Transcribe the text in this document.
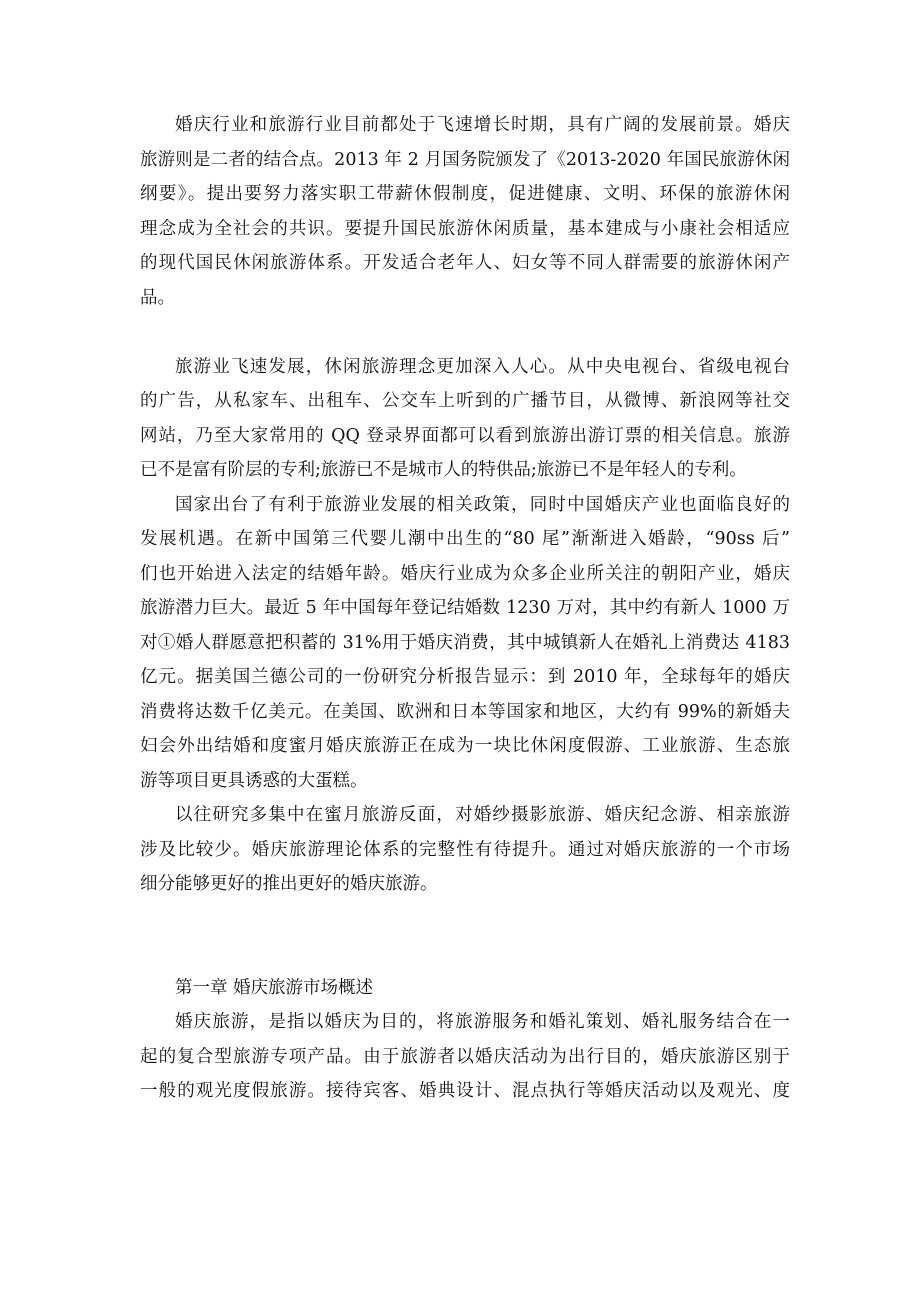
婚庆行业和旅游行业目前都处于飞速增长时期，具有广阔的发展前景。婚庆
旅游则是二者的结合点。2013 年 2 月国务院颁发了《2013-2020 年国民旅游休闲
纲要》。提出要努力落实职工带薪休假制度，促进健康、文明、环保的旅游休闲
理念成为全社会的共识。要提升国民旅游休闲质量，基本建成与小康社会相适应
的现代国民休闲旅游体系。开发适合老年人、妇女等不同人群需要的旅游休闲产
品。
旅游业飞速发展，休闲旅游理念更加深入人心。从中央电视台、省级电视台
的广告，从私家车、出租车、公交车上听到的广播节目，从微博、新浪网等社交
网站，乃至大家常用的 QQ 登录界面都可以看到旅游出游订票的相关信息。旅游
已不是富有阶层的专利;旅游已不是城市人的特供品;旅游已不是年轻人的专利。
国家出台了有利于旅游业发展的相关政策，同时中国婚庆产业也面临良好的
发展机遇。在新中国第三代婴儿潮中出生的“80 尾”渐渐进入婚龄，“90ss 后”
们也开始进入法定的结婚年龄。婚庆行业成为众多企业所关注的朝阳产业，婚庆
旅游潜力巨大。最近 5 年中国每年登记结婚数 1230 万对，其中约有新人 1000 万
对①婚人群愿意把积蓄的 31%用于婚庆消费，其中城镇新人在婚礼上消费达 4183
亿元。据美国兰德公司的一份研究分析报告显示：到 2010 年，全球每年的婚庆
消费将达数千亿美元。在美国、欧洲和日本等国家和地区，大约有 99%的新婚夫
妇会外出结婚和度蜜月婚庆旅游正在成为一块比休闲度假游、工业旅游、生态旅
游等项目更具诱惑的大蛋糕。
以往研究多集中在蜜月旅游反面，对婚纱摄影旅游、婚庆纪念游、相亲旅游
涉及比较少。婚庆旅游理论体系的完整性有待提升。通过对婚庆旅游的一个市场
细分能够更好的推出更好的婚庆旅游。
第一章 婚庆旅游市场概述
婚庆旅游，是指以婚庆为目的，将旅游服务和婚礼策划、婚礼服务结合在一
起的复合型旅游专项产品。由于旅游者以婚庆活动为出行目的，婚庆旅游区别于
一般的观光度假旅游。接待宾客、婚典设计、混点执行等婚庆活动以及观光、度
